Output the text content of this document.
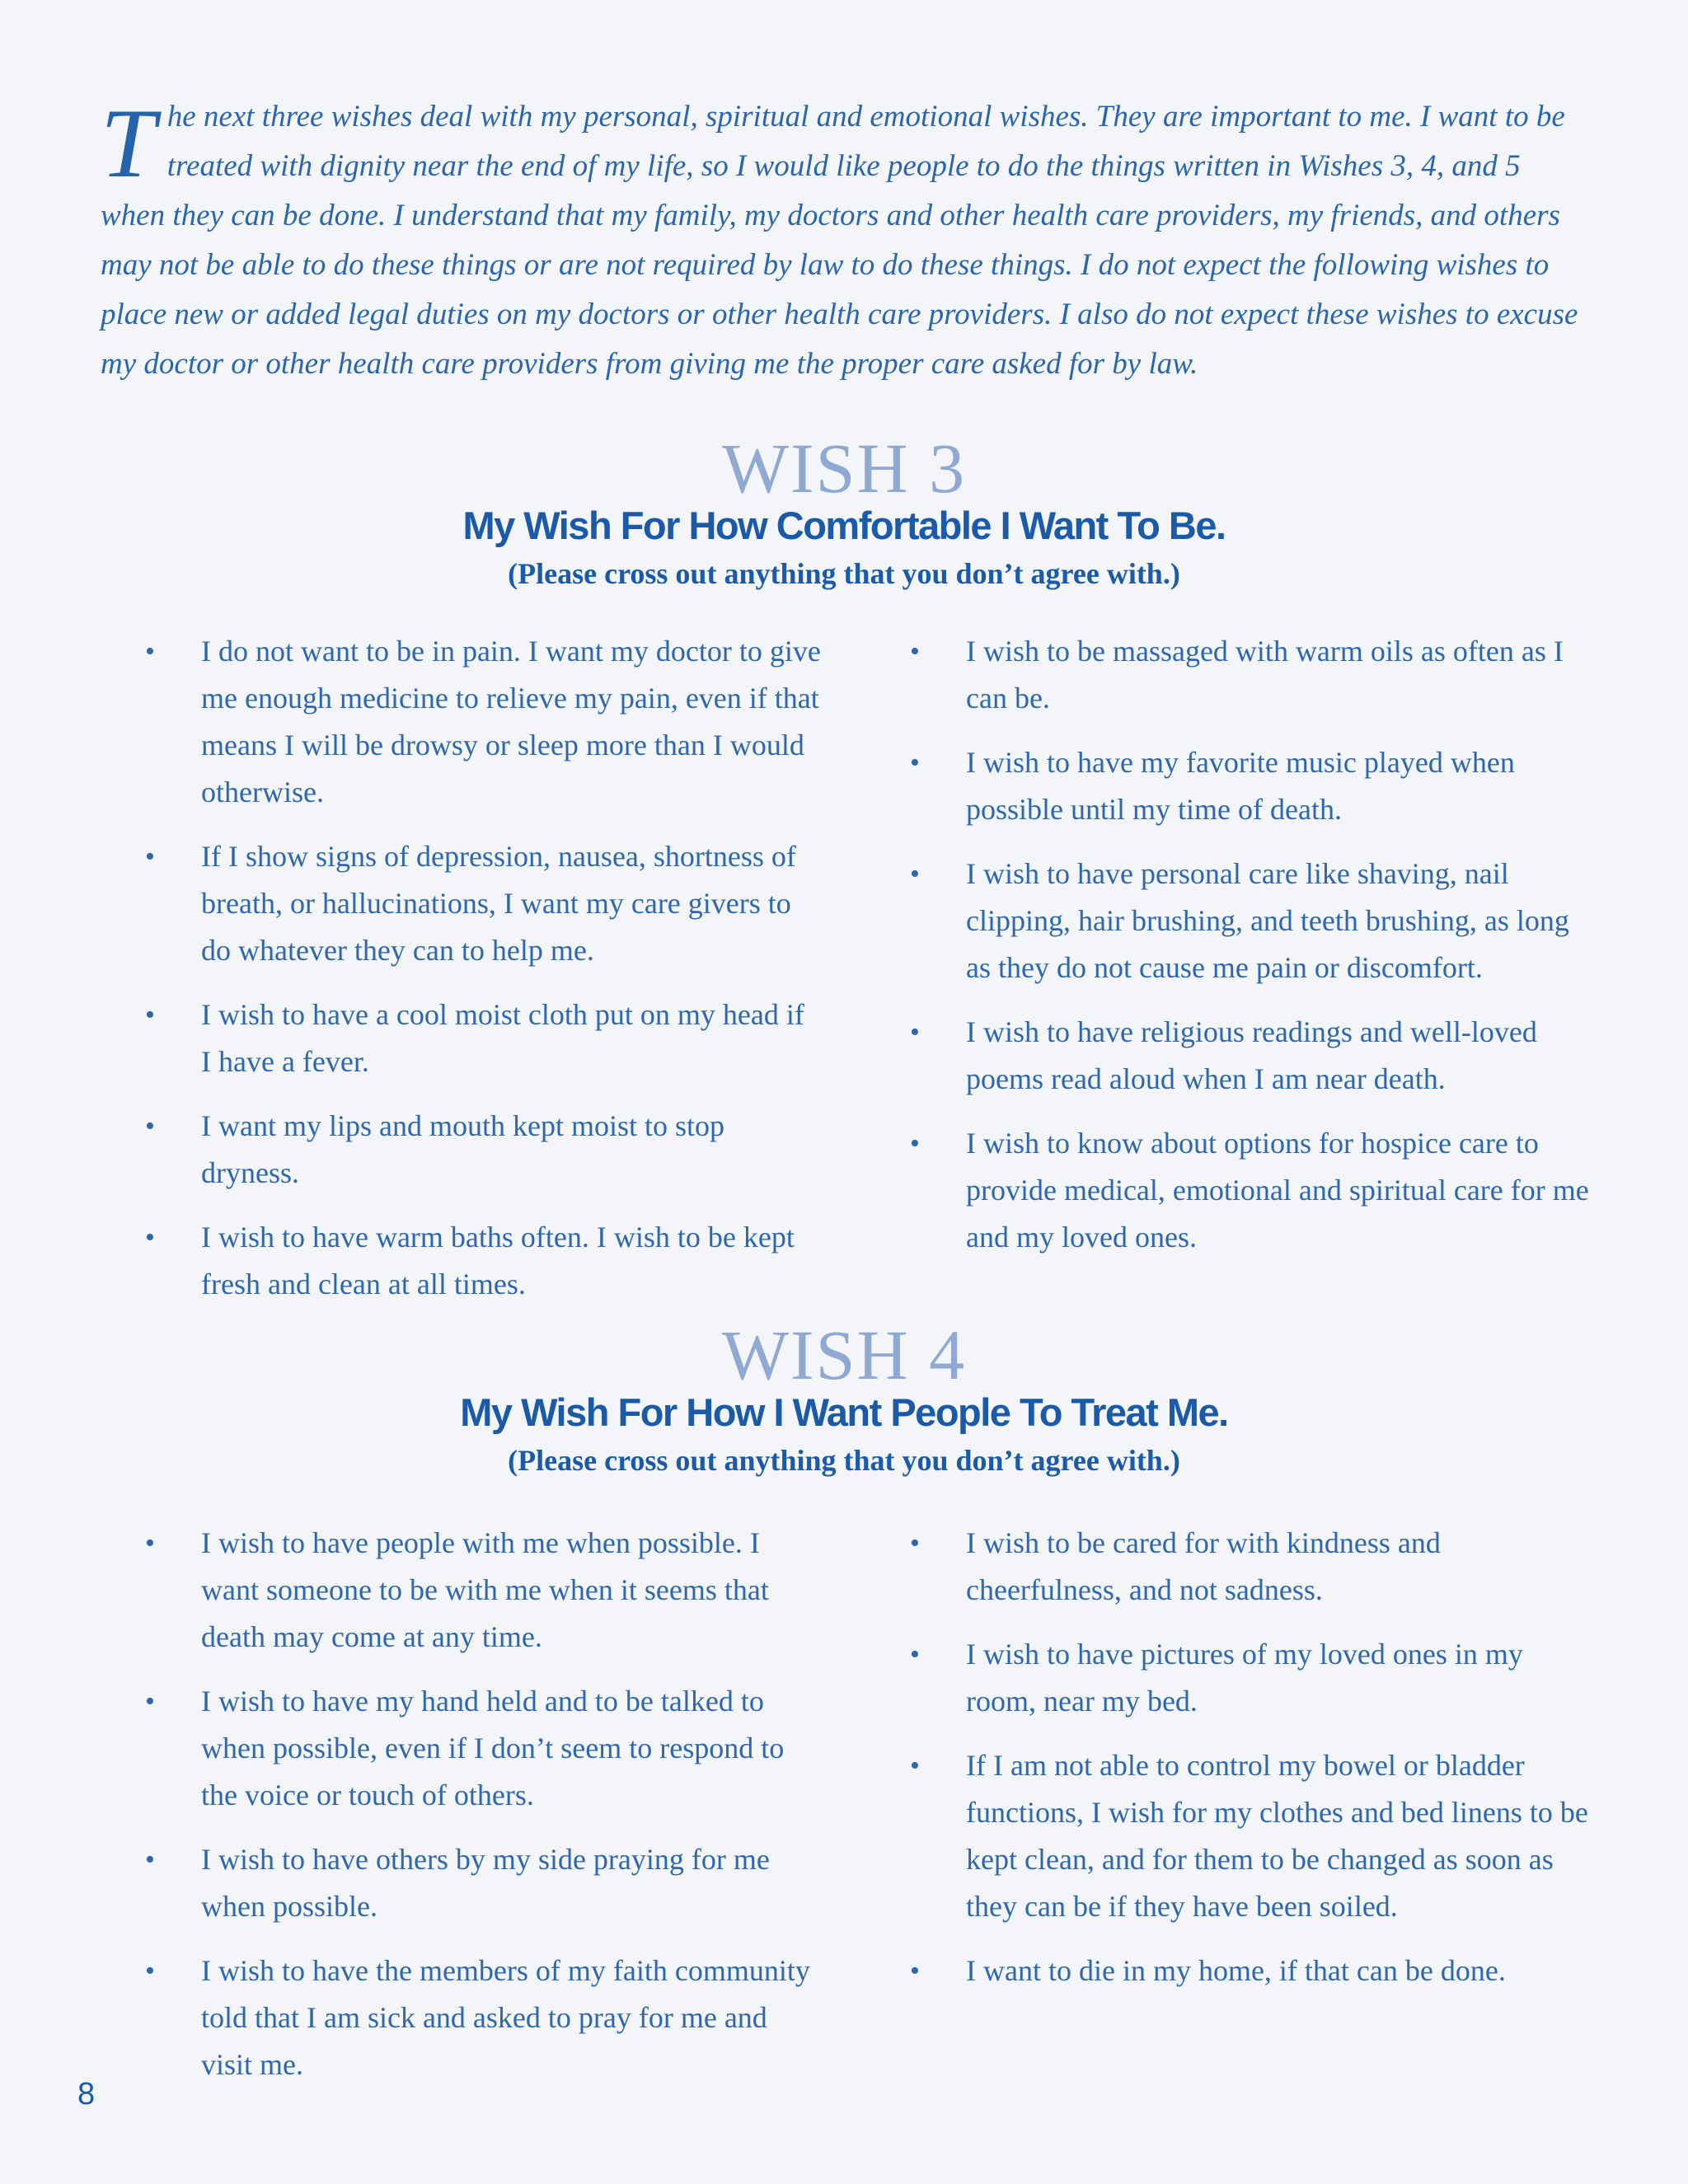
The next three wishes deal with my personal, spiritual and emotional wishes. They are important to me. I want to be treated with dignity near the end of my life, so I would like people to do the things written in Wishes 3, 4, and 5 when they can be done. I understand that my family, my doctors and other health care providers, my friends, and others may not be able to do these things or are not required by law to do these things. I do not expect the following wishes to place new or added legal duties on my doctors or other health care providers. I also do not expect these wishes to excuse my doctor or other health care providers from giving me the proper care asked for by law.

WISH 3

My Wish For How Comfortable I Want To Be.

(Please cross out anything that you don’t agree with.)

• I do not want to be in pain. I want my doctor to give me enough medicine to relieve my pain, even if that means I will be drowsy or sleep more than I would otherwise.
• If I show signs of depression, nausea, shortness of breath, or hallucinations, I want my care givers to do whatever they can to help me.
• I wish to have a cool moist cloth put on my head if I have a fever.
• I want my lips and mouth kept moist to stop dryness.
• I wish to have warm baths often. I wish to be kept fresh and clean at all times.
• I wish to be massaged with warm oils as often as I can be.
• I wish to have my favorite music played when possible until my time of death.
• I wish to have personal care like shaving, nail clipping, hair brushing, and teeth brushing, as long as they do not cause me pain or discomfort.
• I wish to have religious readings and well-loved poems read aloud when I am near death.
• I wish to know about options for hospice care to provide medical, emotional and spiritual care for me and my loved ones.

WISH 4

My Wish For How I Want People To Treat Me.

(Please cross out anything that you don’t agree with.)

• I wish to have people with me when possible. I want someone to be with me when it seems that death may come at any time.
• I wish to have my hand held and to be talked to when possible, even if I don’t seem to respond to the voice or touch of others.
• I wish to have others by my side praying for me when possible.
• I wish to have the members of my faith community told that I am sick and asked to pray for me and visit me.
• I wish to be cared for with kindness and cheerfulness, and not sadness.
• I wish to have pictures of my loved ones in my room, near my bed.
• If I am not able to control my bowel or bladder functions, I wish for my clothes and bed linens to be kept clean, and for them to be changed as soon as they can be if they have been soiled.
• I want to die in my home, if that can be done.
8
